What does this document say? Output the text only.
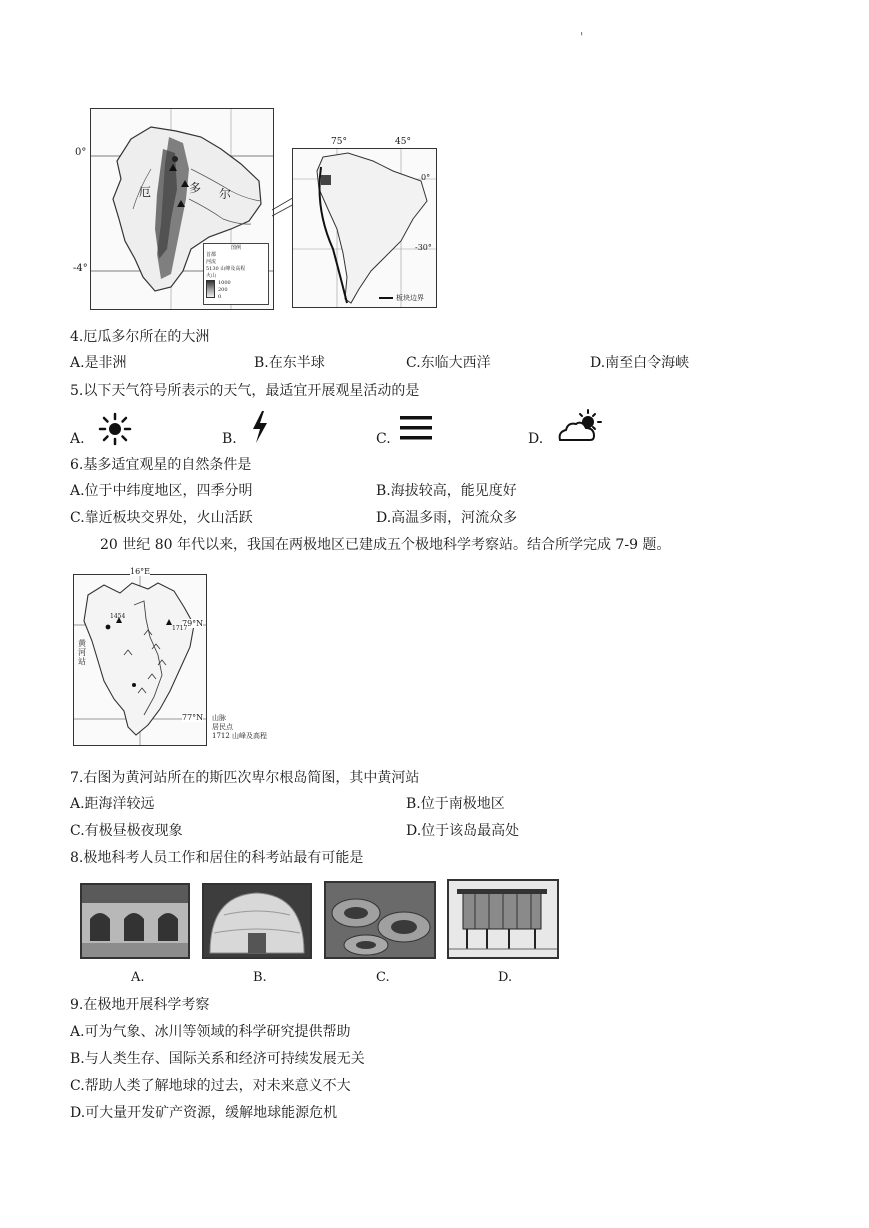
'
0°
-4°
厄	多 尔
图例
首都
河流
5130 山峰及高程
火山
1000
200
0
75°	45°
0°
-30°
板块边界
4.厄瓜多尔所在的大洲
A.是非洲	B.在东半球	C.东临大西洋	D.南至白令海峡
5.以下天气符号所表示的天气，最适宜开展观星活动的是
A.	B.	C.	D.
6.基多适宜观星的自然条件是
A.位于中纬度地区，四季分明	B.海拔较高，能见度好
C.靠近板块交界处，火山活跃	D.高温多雨，河流众多
20 世纪 80 年代以来，我国在两极地区已建成五个极地科学考察站。结合所学完成 7-9 题。
16°E
79°N
77°N
黄河站
1717
1454
山脉
居民点
1712 山峰及高程
7.右图为黄河站所在的斯匹次卑尔根岛简图，其中黄河站
A.距海洋较远	B.位于南极地区
C.有极昼极夜现象	D.位于该岛最高处
8.极地科考人员工作和居住的科考站最有可能是
A.	B.	C.	D.
9.在极地开展科学考察
A.可为气象、冰川等领域的科学研究提供帮助
B.与人类生存、国际关系和经济可持续发展无关
C.帮助人类了解地球的过去，对未来意义不大
D.可大量开发矿产资源，缓解地球能源危机
